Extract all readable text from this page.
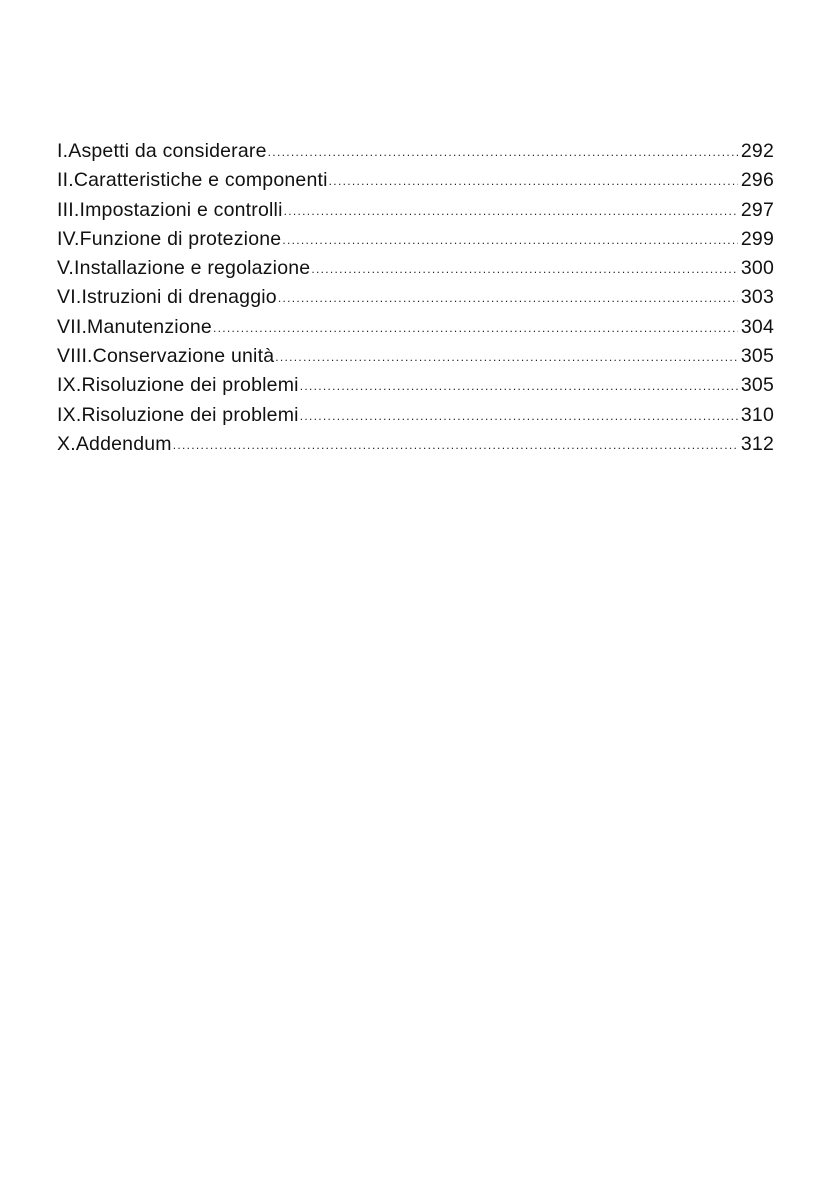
I.Aspetti da considerare .....	292
II.Caratteristiche e componenti .....	296
III.Impostazioni e controlli .....	297
IV.Funzione di protezione .....	299
V.Installazione e regolazione .....	300
VI.Istruzioni di drenaggio .....	303
VII.Manutenzione .....	304
VIII.Conservazione unità .....	305
IX.Risoluzione dei problemi .....	305
IX.Risoluzione dei problemi .....	310
X.Addendum .....	312
